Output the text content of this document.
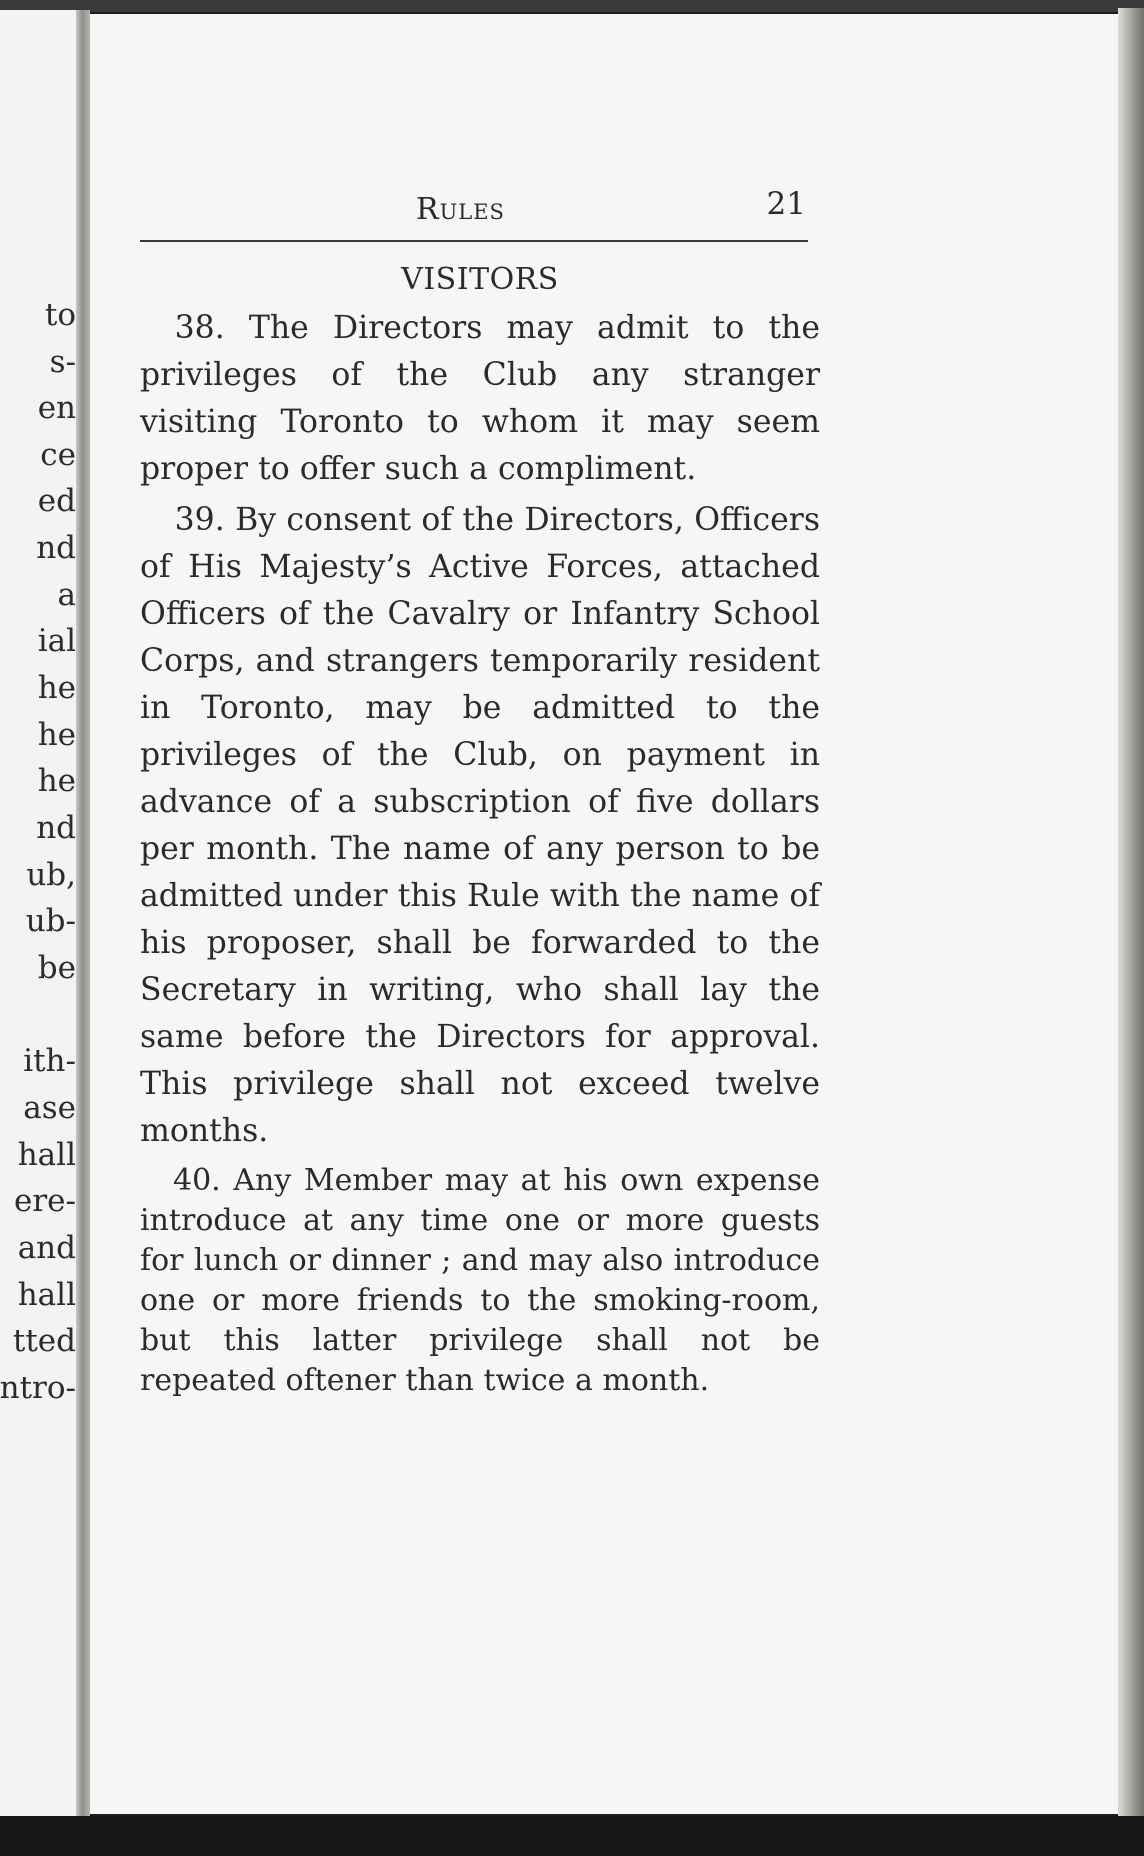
to

s-

en

ce

ed

nd

a

ial

he

he

he

nd

ub,

ub-

be

ith-

ase

hall

ere-

and

hall

tted

ntro-

Rules	21
VISITORS

38. The Directors may admit to the privileges of the Club any stranger visiting Toronto to whom it may seem proper to offer such a compliment.

39. By consent of the Directors, Officers of His Majesty’s Active Forces, attached Officers of the Cavalry or Infantry School Corps, and strangers temporarily resident in Toronto, may be admitted to the privileges of the Club, on payment in advance of a subscription of five dollars per month. The name of any person to be admitted under this Rule with the name of his proposer, shall be forwarded to the Secretary in writing, who shall lay the same before the Directors for approval. This privilege shall not exceed twelve months.

40. Any Member may at his own expense introduce at any time one or more guests for lunch or dinner ; and may also introduce one or more friends to the smoking-room, but this latter privilege shall not be repeated oftener than twice a month.
